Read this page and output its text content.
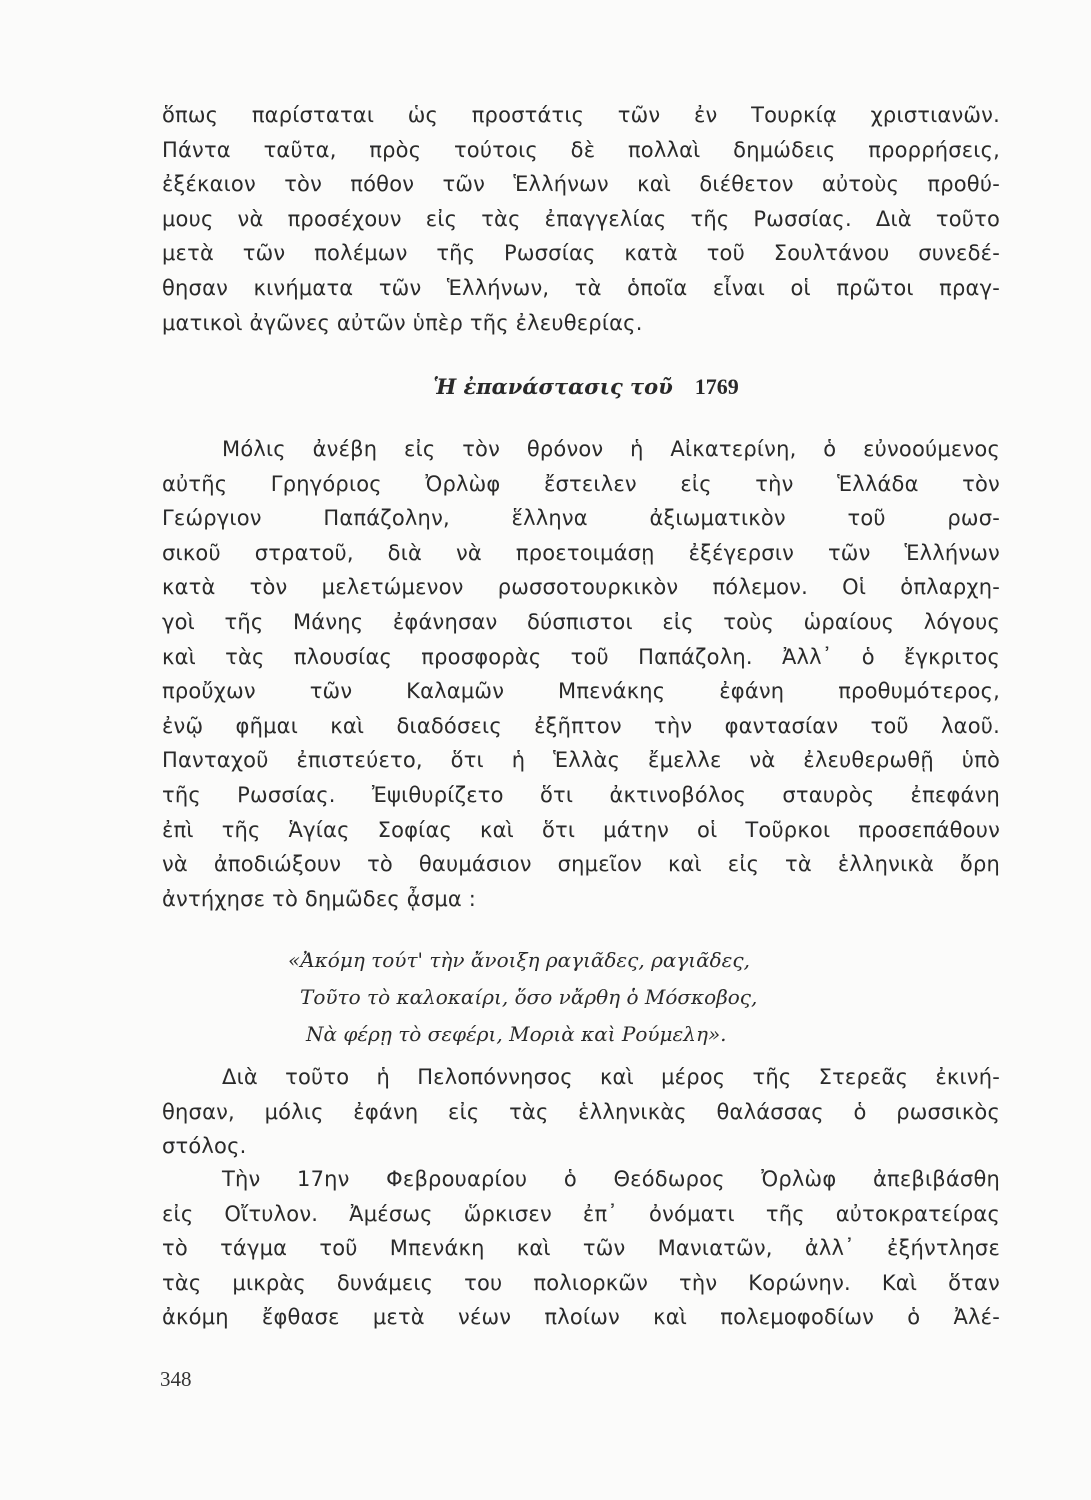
ὅπως παρίσταται ὡς προστάτις τῶν ἐν Τουρκίᾳ χριστιανῶν.
Πάντα ταῦτα, πρὸς τούτοις δὲ πολλαὶ δημώδεις προρρήσεις,
ἐξέκαιον τὸν πόθον τῶν Ἑλλήνων καὶ διέθετον αὐτοὺς προθύ-
μους νὰ προσέχουν εἰς τὰς ἐπαγγελίας τῆς Ρωσσίας. Διὰ τοῦτο
μετὰ τῶν πολέμων τῆς Ρωσσίας κατὰ τοῦ Σουλτάνου συνεδέ-
θησαν κινήματα τῶν Ἑλλήνων, τὰ ὁποῖα εἶναι οἱ πρῶτοι πραγ-
ματικοὶ ἀγῶνες αὐτῶν ὑπὲρ τῆς ἐλευθερίας.
Ἡ ἐπανάστασις τοῦ 1769
Μόλις ἀνέβη εἰς τὸν θρόνον ἡ Αἰκατερίνη, ὁ εὐνοούμενος
αὐτῆς Γρηγόριος Ὀρλὼφ ἔστειλεν εἰς τὴν Ἑλλάδα τὸν
Γεώργιον Παπάζολην, ἕλληνα ἀξιωματικὸν τοῦ ρωσ-
σικοῦ στρατοῦ, διὰ νὰ προετοιμάσῃ ἐξέγερσιν τῶν Ἑλλήνων
κατὰ τὸν μελετώμενον ρωσσοτουρκικὸν πόλεμον. Οἱ ὁπλαρχη-
γοὶ τῆς Μάνης ἐφάνησαν δύσπιστοι εἰς τοὺς ὡραίους λόγους
καὶ τὰς πλουσίας προσφορὰς τοῦ Παπάζολη. Ἀλλ᾽ ὁ ἔγκριτος
προὔχων τῶν Καλαμῶν Μπενάκης ἐφάνη προθυμότερος,
ἐνῷ φῆμαι καὶ διαδόσεις ἐξῆπτον τὴν φαντασίαν τοῦ λαοῦ.
Πανταχοῦ ἐπιστεύετο, ὅτι ἡ Ἑλλὰς ἔμελλε νὰ ἐλευθερωθῇ ὑπὸ
τῆς Ρωσσίας. Ἐψιθυρίζετο ὅτι ἀκτινοβόλος σταυρὸς ἐπεφάνη
ἐπὶ τῆς Ἁγίας Σοφίας καὶ ὅτι μάτην οἱ Τοῦρκοι προσεπάθουν
νὰ ἀποδιώξουν τὸ θαυμάσιον σημεῖον καὶ εἰς τὰ ἑλληνικὰ ὄρη
ἀντήχησε τὸ δημῶδες ᾆσμα :
«Ἀκόμη τούτ' τὴν ἄνοιξη ραγιᾶδες, ραγιᾶδες,
Τοῦτο τὸ καλοκαίρι, ὅσο νἄρθη ὁ Μόσκοβος,
Νὰ φέρῃ τὸ σεφέρι, Μοριὰ καὶ Ρούμελη».
Διὰ τοῦτο ἡ Πελοπόννησος καὶ μέρος τῆς Στερεᾶς ἐκινή-
θησαν, μόλις ἐφάνη εἰς τὰς ἑλληνικὰς θαλάσσας ὁ ρωσσικὸς
στόλος.
Τὴν 17ην Φεβρουαρίου ὁ Θεόδωρος Ὀρλὼφ ἀπεβιβάσθη
εἰς Οἴτυλον. Ἀμέσως ὥρκισεν ἐπ᾽ ὀνόματι τῆς αὐτοκρατείρας
τὸ τάγμα τοῦ Μπενάκη καὶ τῶν Μανιατῶν, ἀλλ᾽ ἐξήντλησε
τὰς μικρὰς δυνάμεις του πολιορκῶν τὴν Κορώνην. Καὶ ὅταν
ἀκόμη ἔφθασε μετὰ νέων πλοίων καὶ πολεμοφοδίων ὁ Ἀλέ-
348
